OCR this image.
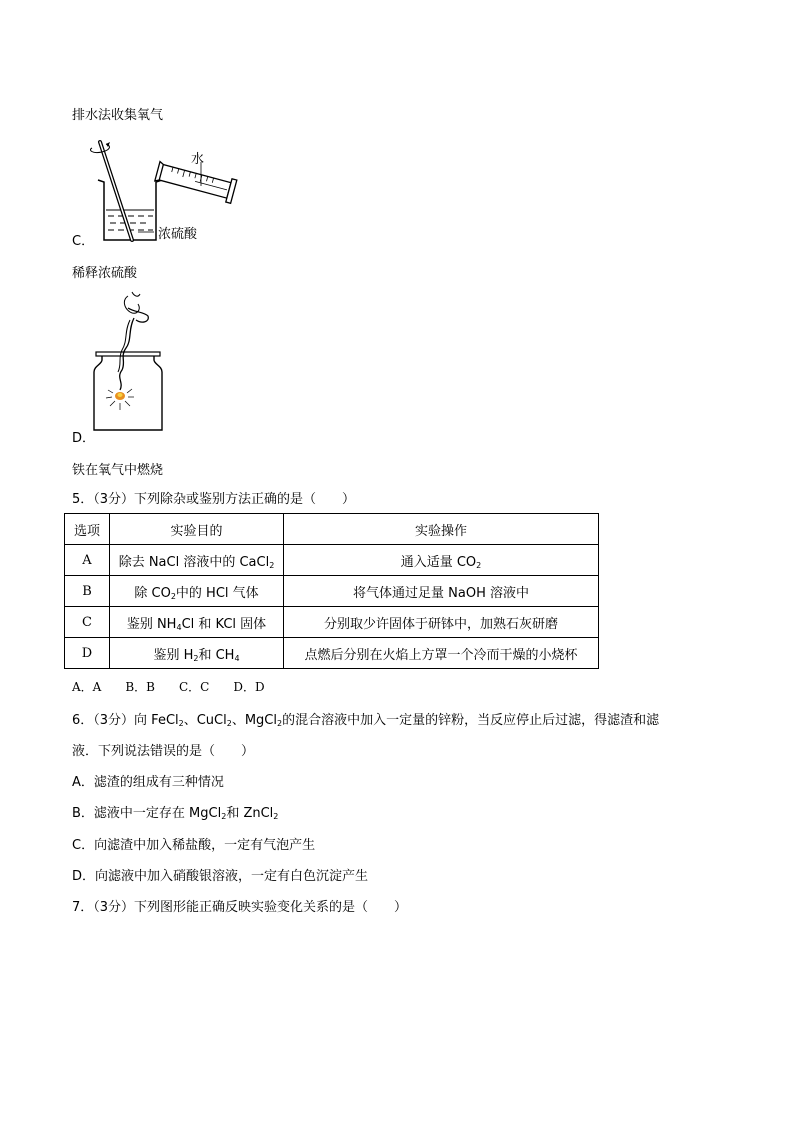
排水法收集氧气
C．
水
浓硫酸
稀释浓硫酸
D．
铁在氧气中燃烧
5．（3分）下列除杂或鉴别方法正确的是（　　）
选项	实验目的	实验操作
A	除去 NaCl 溶液中的 CaCl$_2$	通入适量 $CO_2$
B	除 $CO_2$中的 HCl 气体	将气体通过足量 NaOH 溶液中
C	鉴别 $NH_4Cl$ 和 KCl 固体	分别取少许固体于研钵中，加熟石灰研磨
D	鉴别 $H_2$和 $CH_4$	点燃后分别在火焰上方罩一个冷而干燥的小烧杯
A．A　　B．B　　C．C　　D．D
6．（3分）向 FeCl$_2$、CuCl$_2$、MgCl$_2$的混合溶液中加入一定量的锌粉，当反应停止后过滤，得滤渣和滤
液．下列说法错误的是（　　）
A．滤渣的组成有三种情况
B．滤液中一定存在 MgCl$_2$和 ZnCl$_2$
C．向滤渣中加入稀盐酸，一定有气泡产生
D．向滤液中加入硝酸银溶液，一定有白色沉淀产生
7．（3分）下列图形能正确反映实验变化关系的是（　　）
